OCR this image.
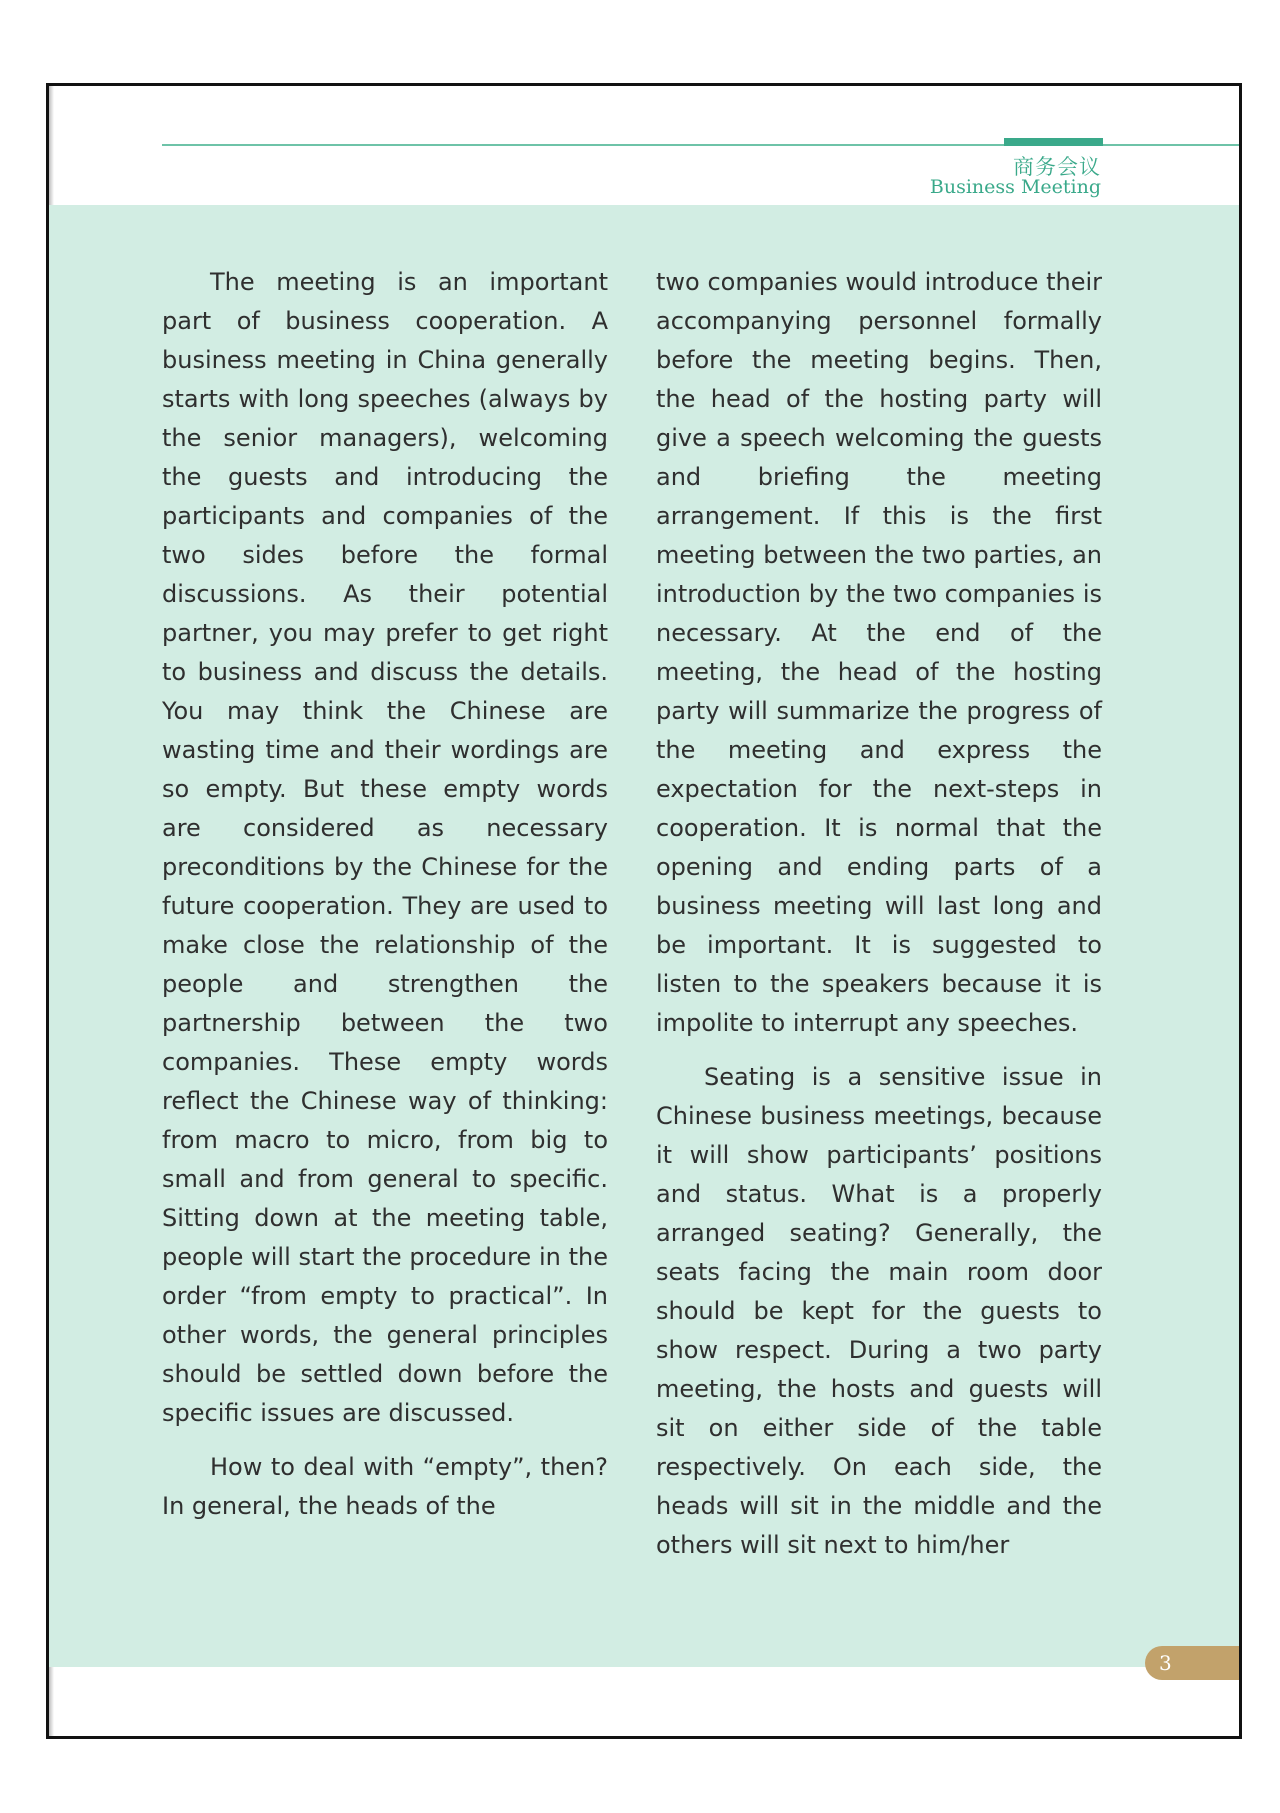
商务会议
Business Meeting

The meeting is an important part of business cooperation. A business meeting in China generally starts with long speeches (always by the senior managers), welcoming the guests and introducing the participants and companies of the two sides before the formal discussions. As their potential partner, you may prefer to get right to business and discuss the details. You may think the Chinese are wasting time and their wordings are so empty. But these empty words are considered as necessary preconditions by the Chinese for the future cooperation. They are used to make close the relationship of the people and strengthen the partnership between the two companies. These empty words reflect the Chinese way of thinking: from macro to micro, from big to small and from general to specific. Sitting down at the meeting table, people will start the procedure in the order “from empty to practical”. In other words, the general principles should be settled down before the specific issues are discussed.

How to deal with “empty”, then? In general, the heads of the

two companies would introduce their accompanying personnel formally before the meeting begins. Then, the head of the hosting party will give a speech welcoming the guests and briefing the meeting arrangement. If this is the first meeting between the two parties, an introduction by the two companies is necessary. At the end of the meeting, the head of the hosting party will summarize the progress of the meeting and express the expectation for the next-steps in cooperation. It is normal that the opening and ending parts of a business meeting will last long and be important. It is suggested to listen to the speakers because it is impolite to interrupt any speeches.

Seating is a sensitive issue in Chinese business meetings, because it will show participants’ positions and status. What is a properly arranged seating? Generally, the seats facing the main room door should be kept for the guests to show respect. During a two party meeting, the hosts and guests will sit on either side of the table respectively. On each side, the heads will sit in the middle and the others will sit next to him/her

3
